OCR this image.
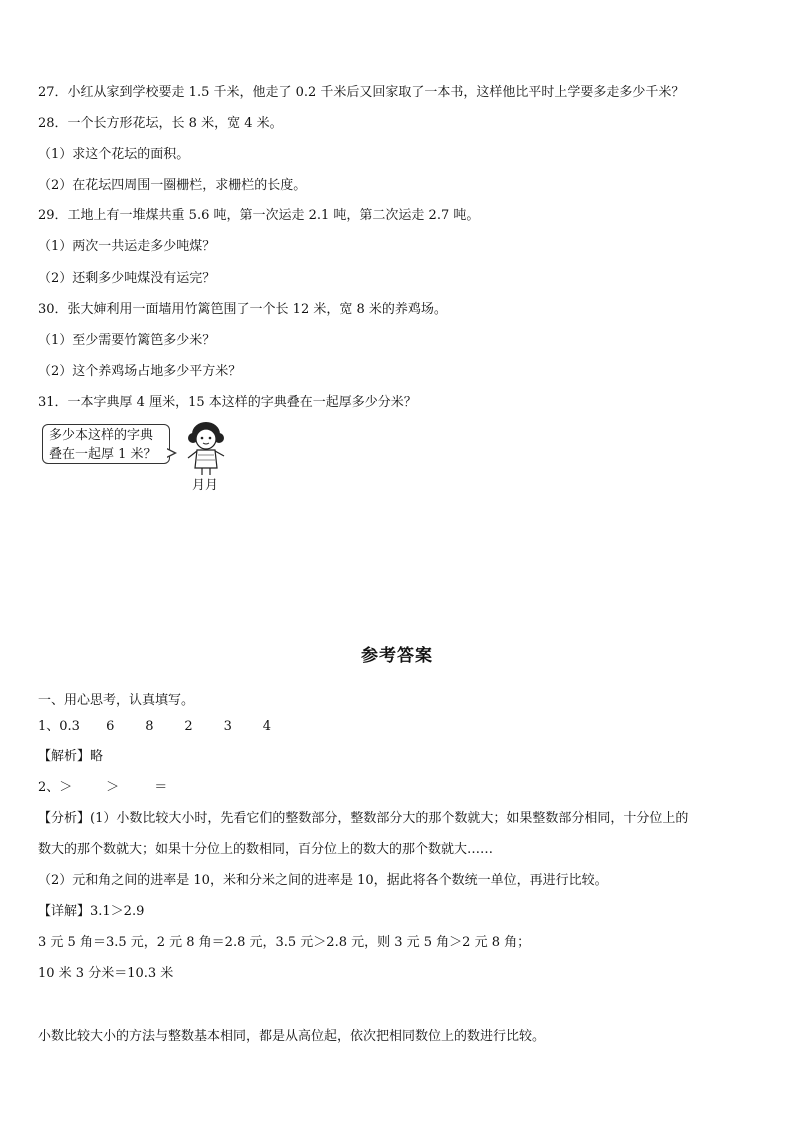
27．小红从家到学校要走 1.5 千米，他走了 0.2 千米后又回家取了一本书，这样他比平时上学要多走多少千米？
28．一个长方形花坛，长 8 米，宽 4 米。
（1）求这个花坛的面积。
（2）在花坛四周围一圈栅栏，求栅栏的长度。
29．工地上有一堆煤共重 5.6 吨，第一次运走 2.1 吨，第二次运走 2.7 吨。
（1）两次一共运走多少吨煤？
（2）还剩多少吨煤没有运完？
30．张大婶利用一面墙用竹篱笆围了一个长 12 米，宽 8 米的养鸡场。
（1）至少需要竹篱笆多少米？
（2）这个养鸡场占地多少平方米？
31．一本字典厚 4 厘米，15 本这样的字典叠在一起厚多少分米？
多少本这样的字典
叠在一起厚 1 米？
月月
参考答案
一、用心思考，认真填写。
1、0.3 6 8 2 3 4
【解析】略
2、＞	＞	＝
【分析】(1）小数比较大小时，先看它们的整数部分，整数部分大的那个数就大；如果整数部分相同，十分位上的
数大的那个数就大；如果十分位上的数相同，百分位上的数大的那个数就大……
（2）元和角之间的进率是 10，米和分米之间的进率是 10，据此将各个数统一单位，再进行比较。
【详解】3.1＞2.9
3 元 5 角＝3.5 元，2 元 8 角＝2.8 元，3.5 元＞2.8 元，则 3 元 5 角＞2 元 8 角；
10 米 3 分米＝10.3 米
小数比较大小的方法与整数基本相同，都是从高位起，依次把相同数位上的数进行比较。
